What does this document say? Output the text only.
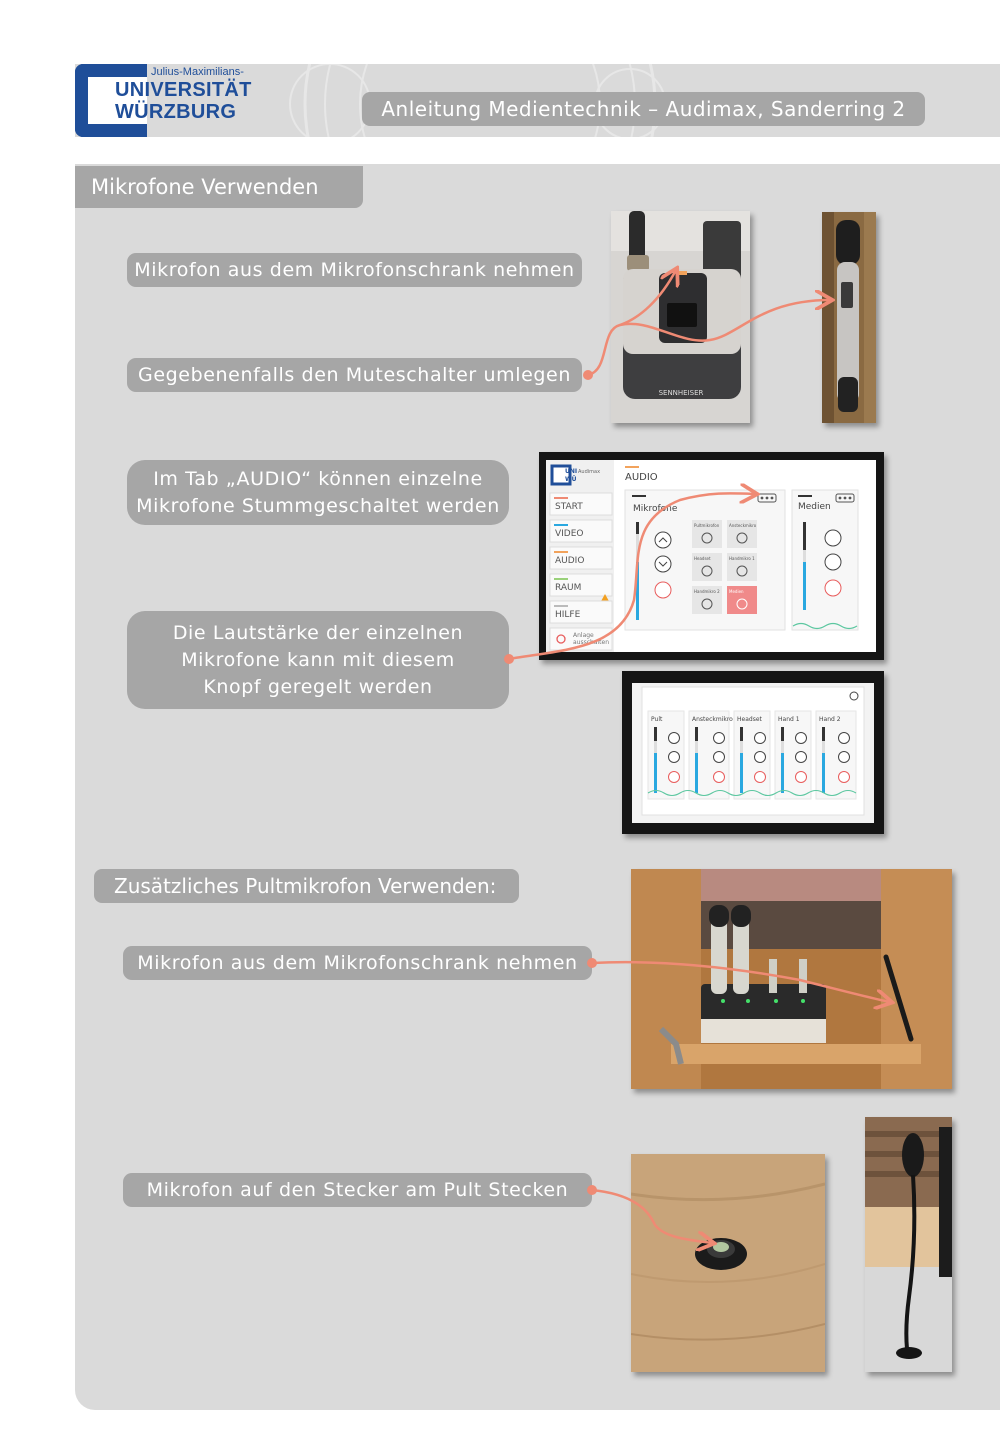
Julius-Maximilians-
UNIVERSITÄT
WÜRZBURG	Anleitung Medientechnik – Audimax, Sanderring 2
Mikrofone Verwenden
Mikrofon aus dem Mikrofonschrank nehmen
Gegebenenfalls den Muteschalter umlegen
Im Tab „AUDIO“ können einzelne
Mikrofone Stummgeschaltet werden
Die Lautstärke der einzelnen
Mikrofone kann mit diesem
Knopf geregelt werden
Zusätzliches Pultmikrofon Verwenden:
Mikrofon aus dem Mikrofonschrank nehmen
Mikrofon auf den Stecker am Pult Stecken
SENNHEISER
UNI
WÜ
Audimax
START
VIDEO
AUDIO
RAUM
HILFE
Anlage
ausschalten
AUDIO
Mikrofone
Pultmikrofon Ansteckmikro
Headset	Handmikro 1
Handmikro 2 Medien
Medien
Pult	Ansteckmikro Headset	Hand 1	Hand 2
